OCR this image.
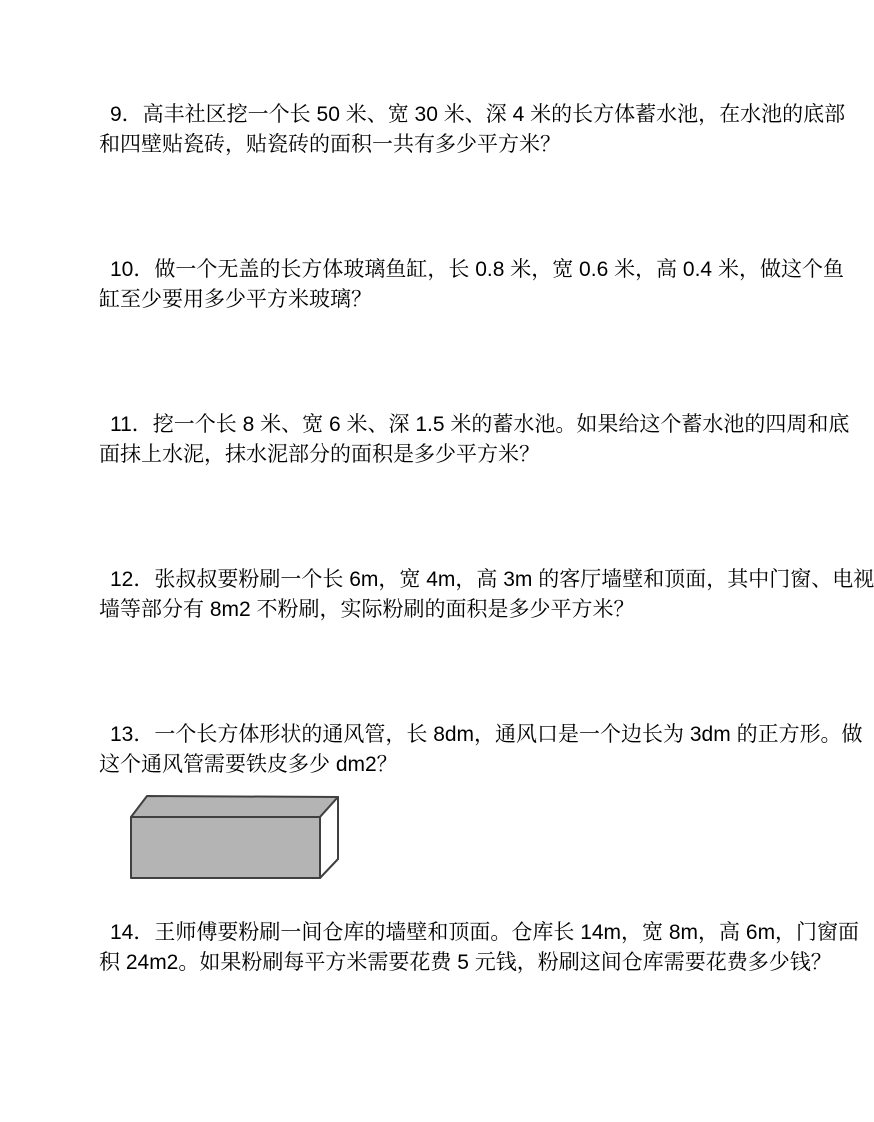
9．高丰社区挖一个长 50 米、宽 30 米、深 4 米的长方体蓄水池，在水池的底部
和四壁贴瓷砖，贴瓷砖的面积一共有多少平方米？
10．做一个无盖的长方体玻璃鱼缸，长 0.8 米，宽 0.6 米，高 0.4 米，做这个鱼
缸至少要用多少平方米玻璃？
11．挖一个长 8 米、宽 6 米、深 1.5 米的蓄水池。如果给这个蓄水池的四周和底
面抹上水泥，抹水泥部分的面积是多少平方米？
12．张叔叔要粉刷一个长 6m，宽 4m，高 3m 的客厅墙壁和顶面，其中门窗、电视
墙等部分有 8m2 不粉刷，实际粉刷的面积是多少平方米？
13．一个长方体形状的通风管，长 8dm，通风口是一个边长为 3dm 的正方形。做
这个通风管需要铁皮多少 dm2？
14．王师傅要粉刷一间仓库的墙壁和顶面。仓库长 14m，宽 8m，高 6m，门窗面
积 24m2。如果粉刷每平方米需要花费 5 元钱，粉刷这间仓库需要花费多少钱？
